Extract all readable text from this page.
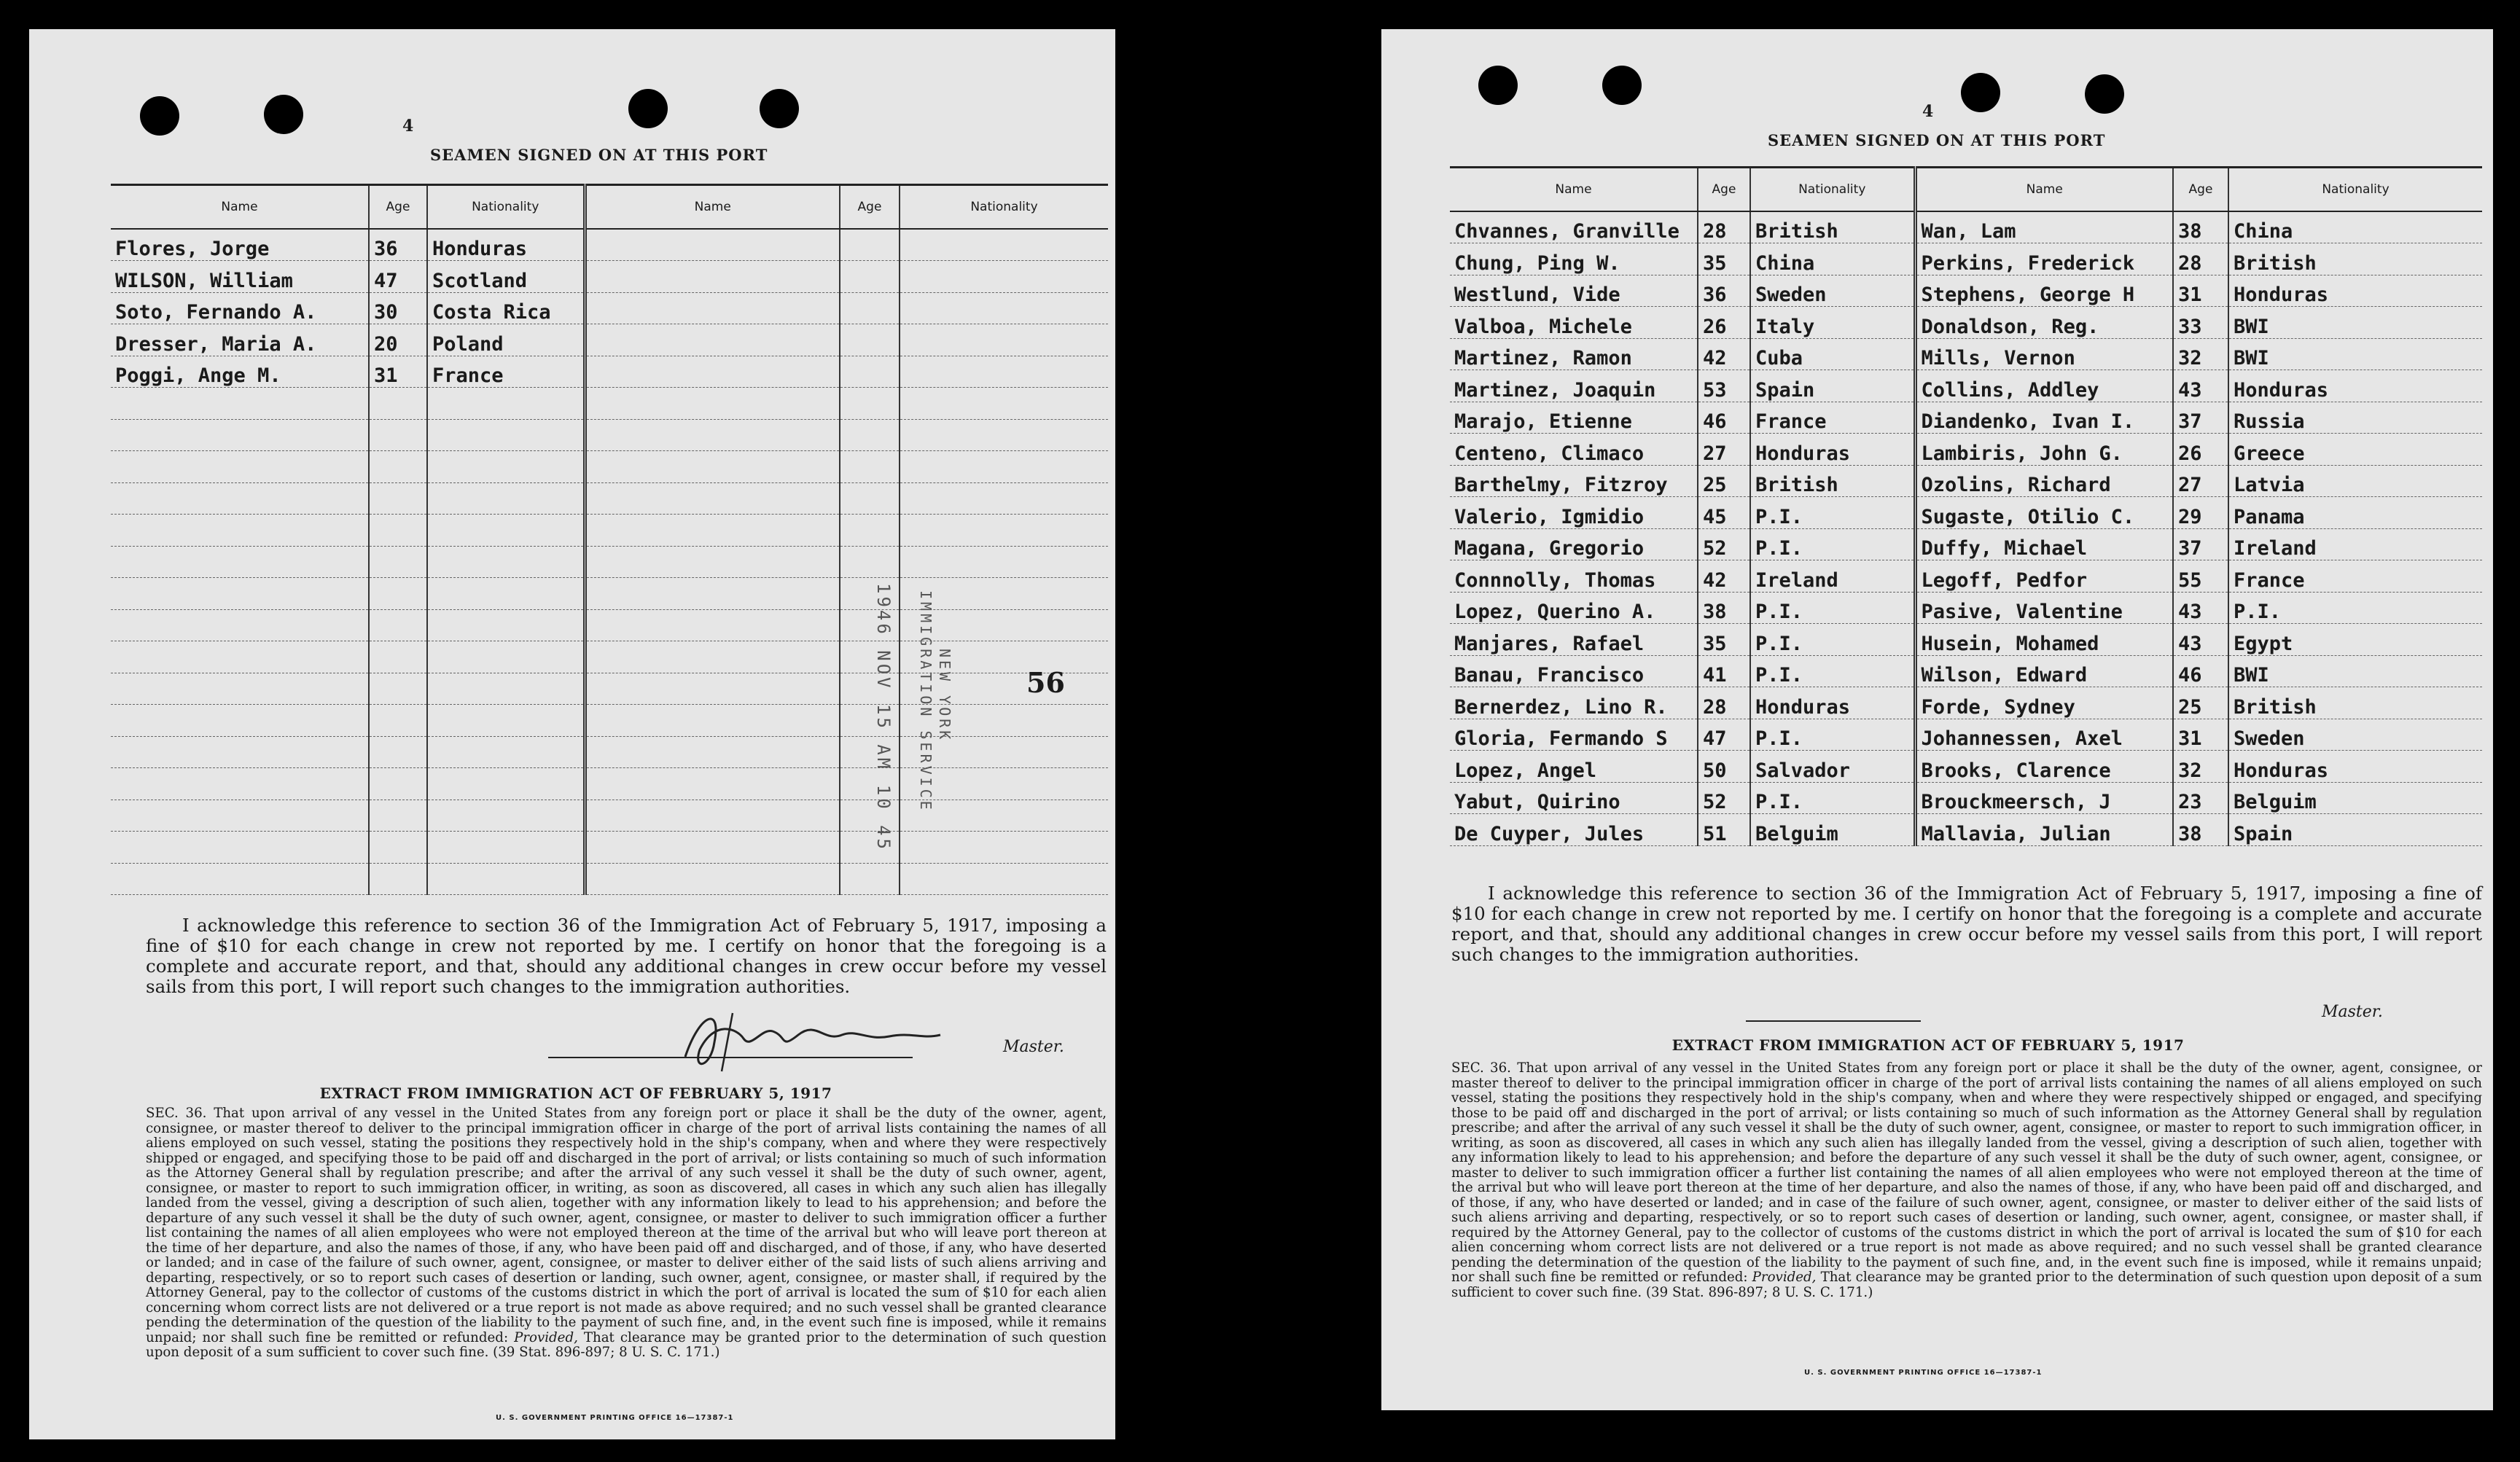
4
SEAMEN SIGNED ON AT THIS PORT
Name	Age	Nationality	Name	Age	Nationality
Flores, Jorge	36	Honduras			
WILSON, William	47	Scotland			
Soto, Fernando A.	30	Costa Rica			
Dresser, Maria A.	20	Poland			
Poggi, Ange M.	31	France			

1946 NOV 15 AM 10 45 IMMIGRATION SERVICE NEW YORK	56
I acknowledge this reference to section 36 of the Immigration Act of February 5, 1917, imposing a fine of $10 for each change in crew not reported by me. I certify on honor that the foregoing is a complete and accurate report, and that, should any additional changes in crew occur before my vessel sails from this port, I will report such changes to the immigration authorities.
Master.
EXTRACT FROM IMMIGRATION ACT OF FEBRUARY 5, 1917
SEC. 36. That upon arrival of any vessel in the United States from any foreign port or place it shall be the duty of the owner, agent, consignee, or master thereof to deliver to the principal immigration officer in charge of the port of arrival lists containing the names of all aliens employed on such vessel, stating the positions they respectively hold in the ship's company, when and where they were respectively shipped or engaged, and specifying those to be paid off and discharged in the port of arrival; or lists containing so much of such information as the Attorney General shall by regulation prescribe; and after the arrival of any such vessel it shall be the duty of such owner, agent, consignee, or master to report to such immigration officer, in writing, as soon as discovered, all cases in which any such alien has illegally landed from the vessel, giving a description of such alien, together with any information likely to lead to his apprehension; and before the departure of any such vessel it shall be the duty of such owner, agent, consignee, or master to deliver to such immigration officer a further list containing the names of all alien employees who were not employed thereon at the time of the arrival but who will leave port thereon at the time of her departure, and also the names of those, if any, who have been paid off and discharged, and of those, if any, who have deserted or landed; and in case of the failure of such owner, agent, consignee, or master to deliver either of the said lists of such aliens arriving and departing, respectively, or so to report such cases of desertion or landing, such owner, agent, consignee, or master shall, if required by the Attorney General, pay to the collector of customs of the customs district in which the port of arrival is located the sum of $10 for each alien concerning whom correct lists are not delivered or a true report is not made as above required; and no such vessel shall be granted clearance pending the determination of the question of the liability to the payment of such fine, and, in the event such fine is imposed, while it remains unpaid; nor shall such fine be remitted or refunded: Provided, That clearance may be granted prior to the determination of such question upon deposit of a sum sufficient to cover such fine. (39 Stat. 896-897; 8 U. S. C. 171.)
U. S. GOVERNMENT PRINTING OFFICE 16—17387-1
4
SEAMEN SIGNED ON AT THIS PORT
Name	Age	Nationality	Name	Age	Nationality
Chvannes, Granville	28	British	Wan, Lam	38	China
Chung, Ping W.	35	China	Perkins, Frederick	28	British
Westlund, Vide	36	Sweden	Stephens, George H	31	Honduras
Valboa, Michele	26	Italy	Donaldson, Reg.	33	BWI
Martinez, Ramon	42	Cuba	Mills, Vernon	32	BWI
Martinez, Joaquin	53	Spain	Collins, Addley	43	Honduras
Marajo, Etienne	46	France	Diandenko, Ivan I.	37	Russia
Centeno, Climaco	27	Honduras	Lambiris, John G.	26	Greece
Barthelmy, Fitzroy	25	British	Ozolins, Richard	27	Latvia
Valerio, Igmidio	45	P.I.	Sugaste, Otilio C.	29	Panama
Magana, Gregorio	52	P.I.	Duffy, Michael	37	Ireland
Connnolly, Thomas	42	Ireland	Legoff, Pedfor	55	France
Lopez, Querino A.	38	P.I.	Pasive, Valentine	43	P.I.
Manjares, Rafael	35	P.I.	Husein, Mohamed	43	Egypt
Banau, Francisco	41	P.I.	Wilson, Edward	46	BWI
Bernerdez, Lino R.	28	Honduras	Forde, Sydney	25	British
Gloria, Fermando S	47	P.I.	Johannessen, Axel	31	Sweden
Lopez, Angel	50	Salvador	Brooks, Clarence	32	Honduras
Yabut, Quirino	52	P.I.	Brouckmeersch, J	23	Belguim
De Cuyper, Jules	51	Belguim	Mallavia, Julian	38	Spain
I acknowledge this reference to section 36 of the Immigration Act of February 5, 1917, imposing a fine of $10 for each change in crew not reported by me. I certify on honor that the foregoing is a complete and accurate report, and that, should any additional changes in crew occur before my vessel sails from this port, I will report such changes to the immigration authorities.
Master.
EXTRACT FROM IMMIGRATION ACT OF FEBRUARY 5, 1917
SEC. 36. That upon arrival of any vessel in the United States from any foreign port or place it shall be the duty of the owner, agent, consignee, or master thereof to deliver to the principal immigration officer in charge of the port of arrival lists containing the names of all aliens employed on such vessel, stating the positions they respectively hold in the ship's company, when and where they were respectively shipped or engaged, and specifying those to be paid off and discharged in the port of arrival; or lists containing so much of such information as the Attorney General shall by regulation prescribe; and after the arrival of any such vessel it shall be the duty of such owner, agent, consignee, or master to report to such immigration officer, in writing, as soon as discovered, all cases in which any such alien has illegally landed from the vessel, giving a description of such alien, together with any information likely to lead to his apprehension; and before the departure of any such vessel it shall be the duty of such owner, agent, consignee, or master to deliver to such immigration officer a further list containing the names of all alien employees who were not employed thereon at the time of the arrival but who will leave port thereon at the time of her departure, and also the names of those, if any, who have been paid off and discharged, and of those, if any, who have deserted or landed; and in case of the failure of such owner, agent, consignee, or master to deliver either of the said lists of such aliens arriving and departing, respectively, or so to report such cases of desertion or landing, such owner, agent, consignee, or master shall, if required by the Attorney General, pay to the collector of customs of the customs district in which the port of arrival is located the sum of $10 for each alien concerning whom correct lists are not delivered or a true report is not made as above required; and no such vessel shall be granted clearance pending the determination of the question of the liability to the payment of such fine, and, in the event such fine is imposed, while it remains unpaid; nor shall such fine be remitted or refunded: Provided, That clearance may be granted prior to the determination of such question upon deposit of a sum sufficient to cover such fine. (39 Stat. 896-897; 8 U. S. C. 171.)
U. S. GOVERNMENT PRINTING OFFICE 16—17387-1
